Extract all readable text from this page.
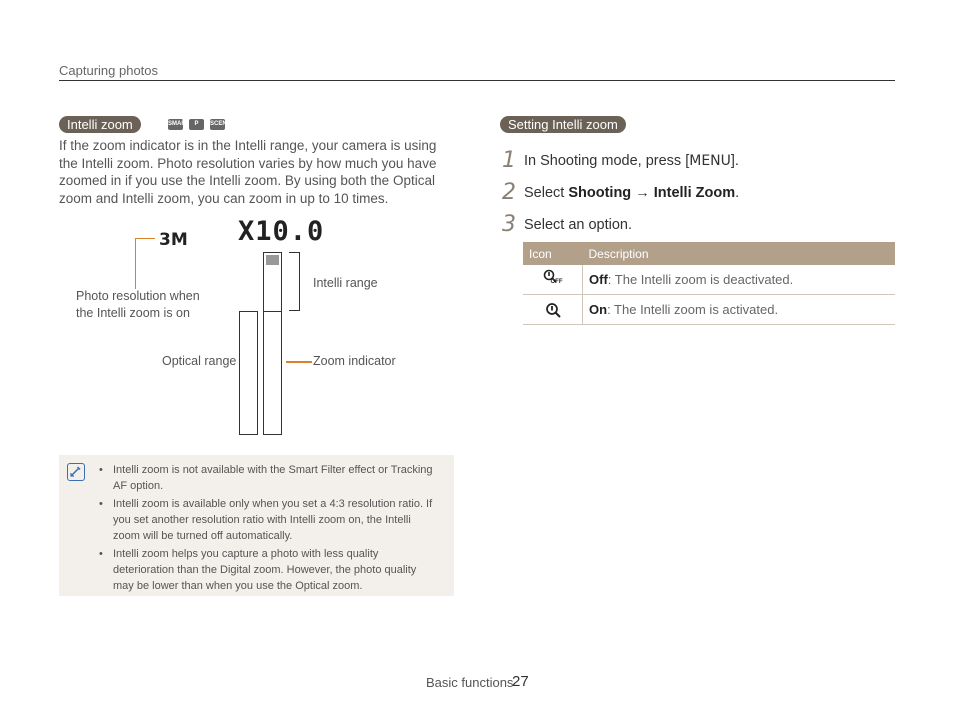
Capturing photos
Intelli zoom	SMART P	SCENE
If the zoom indicator is in the Intelli range, your camera is using the Intelli zoom. Photo resolution varies by how much you have zoomed in if you use the Intelli zoom. By using both the Optical zoom and Intelli zoom, you can zoom in up to 10 times.
3M X10.0
Photo resolution when
the Intelli zoom is on
Intelli range
Optical range	Zoom indicator
• Intelli zoom is not available with the Smart Filter effect or Tracking AF option.
• Intelli zoom is available only when you set a 4:3 resolution ratio. If you set another resolution ratio with Intelli zoom on, the Intelli zoom will be turned off automatically.
• Intelli zoom helps you capture a photo with less quality deterioration than the Digital zoom. However, the photo quality may be lower than when you use the Optical zoom.
Setting Intelli zoom
1 In Shooting mode, press [MENU].
2 Select Shooting → Intelli Zoom.
3 Select an option.
Icon	Description

OFF	Off: The Intelli zoom is deactivated.
	On: The Intelli zoom is activated.
Basic functions
27
